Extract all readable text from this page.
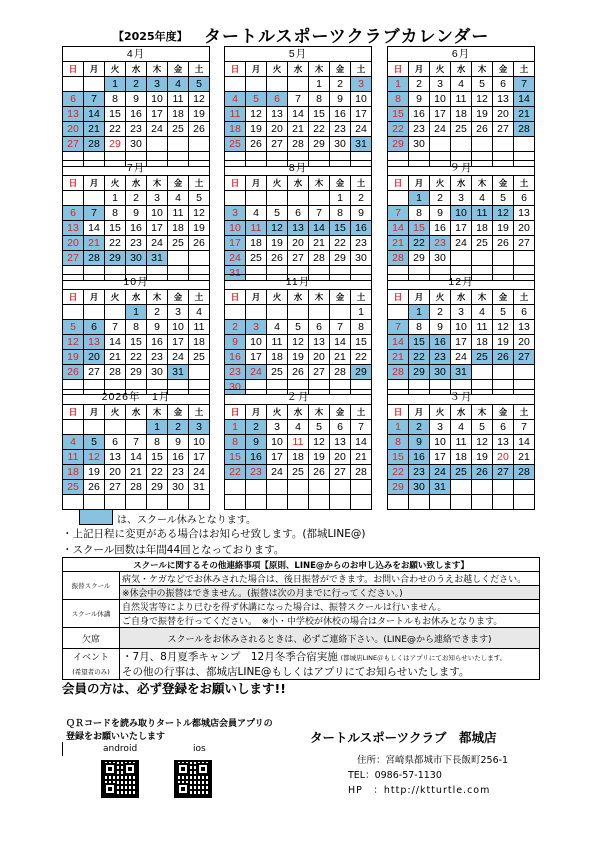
【2025年度】 タートルスポーツクラブカレンダー
4月						
日	月	火	水	木	金	土
		1	2	3	4	5
6	7	8	9	10	11	12
13	14	15	16	17	18	19
20	21	22	23	24	25	26
27	28	29	30			

5月						
日	月	火	水	木	金	土
				1	2	3
4	5	6	7	8	9	10
11	12	13	14	15	16	17
18	19	20	21	22	23	24
25	26	27	28	29	30	31

6月						
日	月	火	水	木	金	土
1	2	3	4	5	6	7
8	9	10	11	12	13	14
15	16	17	18	19	20	21
22	23	24	25	26	27	28
29	30					

7月						
日	月	火	水	木	金	土
		1	2	3	4	5
6	7	8	9	10	11	12
13	14	15	16	17	18	19
20	21	22	23	24	25	26
27	28	29	30	31		

8月						
日	月	火	水	木	金	土
					1	2
3	4	5	6	7	8	9
10	11	12	13	14	15	16
17	18	19	20	21	22	23
24	25	26	27	28	29	30
31						
９月						
日	月	火	水	木	金	土
	1	2	3	4	5	6
7	8	9	10	11	12	13
14	15	16	17	18	19	20
21	22	23	24	25	26	27
28	29	30				

10月						
日	月	火	水	木	金	土
			1	2	3	4
5	6	7	8	9	10	11
12	13	14	15	16	17	18
19	20	21	22	23	24	25
26	27	28	29	30	31	

11月						
日	月	火	水	木	金	土
						1
2	3	4	5	6	7	8
9	10	11	12	13	14	15
16	17	18	19	20	21	22
23	24	25	26	27	28	29
30						
12月						
日	月	火	水	木	金	土
	1	2	3	4	5	6
7	8	9	10	11	12	13
14	15	16	17	18	19	20
21	22	23	24	25	26	27
28	29	30	31			

2026年　1月						
日	月	火	水	木	金	土
				1	2	3
4	5	6	7	8	9	10
11	12	13	14	15	16	17
18	19	20	21	22	23	24
25	26	27	28	29	30	31

２月						
日	月	火	水	木	金	土
1	2	3	4	5	6	7
8	9	10	11	12	13	14
15	16	17	18	19	20	21
22	23	24	25	26	27	28

３月						
日	月	火	水	木	金	土
1	2	3	4	5	6	7
8	9	10	11	12	13	14
15	16	17	18	19	20	21
22	23	24	25	26	27	28
29	30	31				

は、スクール休みとなります。
・上記日程に変更がある場合はお知らせ致します。(都城LINE@)
・スクール回数は年間44回となっております。
スクールに関するその他連絡事項【原則、LINE@からのお申し込みをお願い致します】	
振替スクール	病気・ケガなどでお休みされた場合は、後日振替ができます。お問い合わせのうえお越しください。
	※休会中の振替はできません。(振替は次の月までに行ってください。)
スクール休講	自然災害等により已むを得ず休講になった場合は、振替スクールは行いません。
	ご自身で振替を行ってください。　※小・中学校が休校の場合はタートルもお休みとなります。
欠席	スクールをお休みされるときは、必ずご連絡下さい。(LINE@から連絡できます)
イベント	・7月、8月夏季キャンプ　12月冬季合宿実施 (都城店LINE＠もしくはアプリにてお知らせいたします。
(希望者のみ)	その他の行事は、都城店LINE@もしくはアプリにてお知らせいたします。
会員の方は、必ず登録をお願いします!!
ＱＲコードを読み取りタートル都城店会員アプリの
登録をお願いいたします
android	ios
タートルスポーツクラブ　都城店
住所：宮崎県都城市下長飯町256-1
TEL：0986-57-1130
HP　：http://ktturtle.com
